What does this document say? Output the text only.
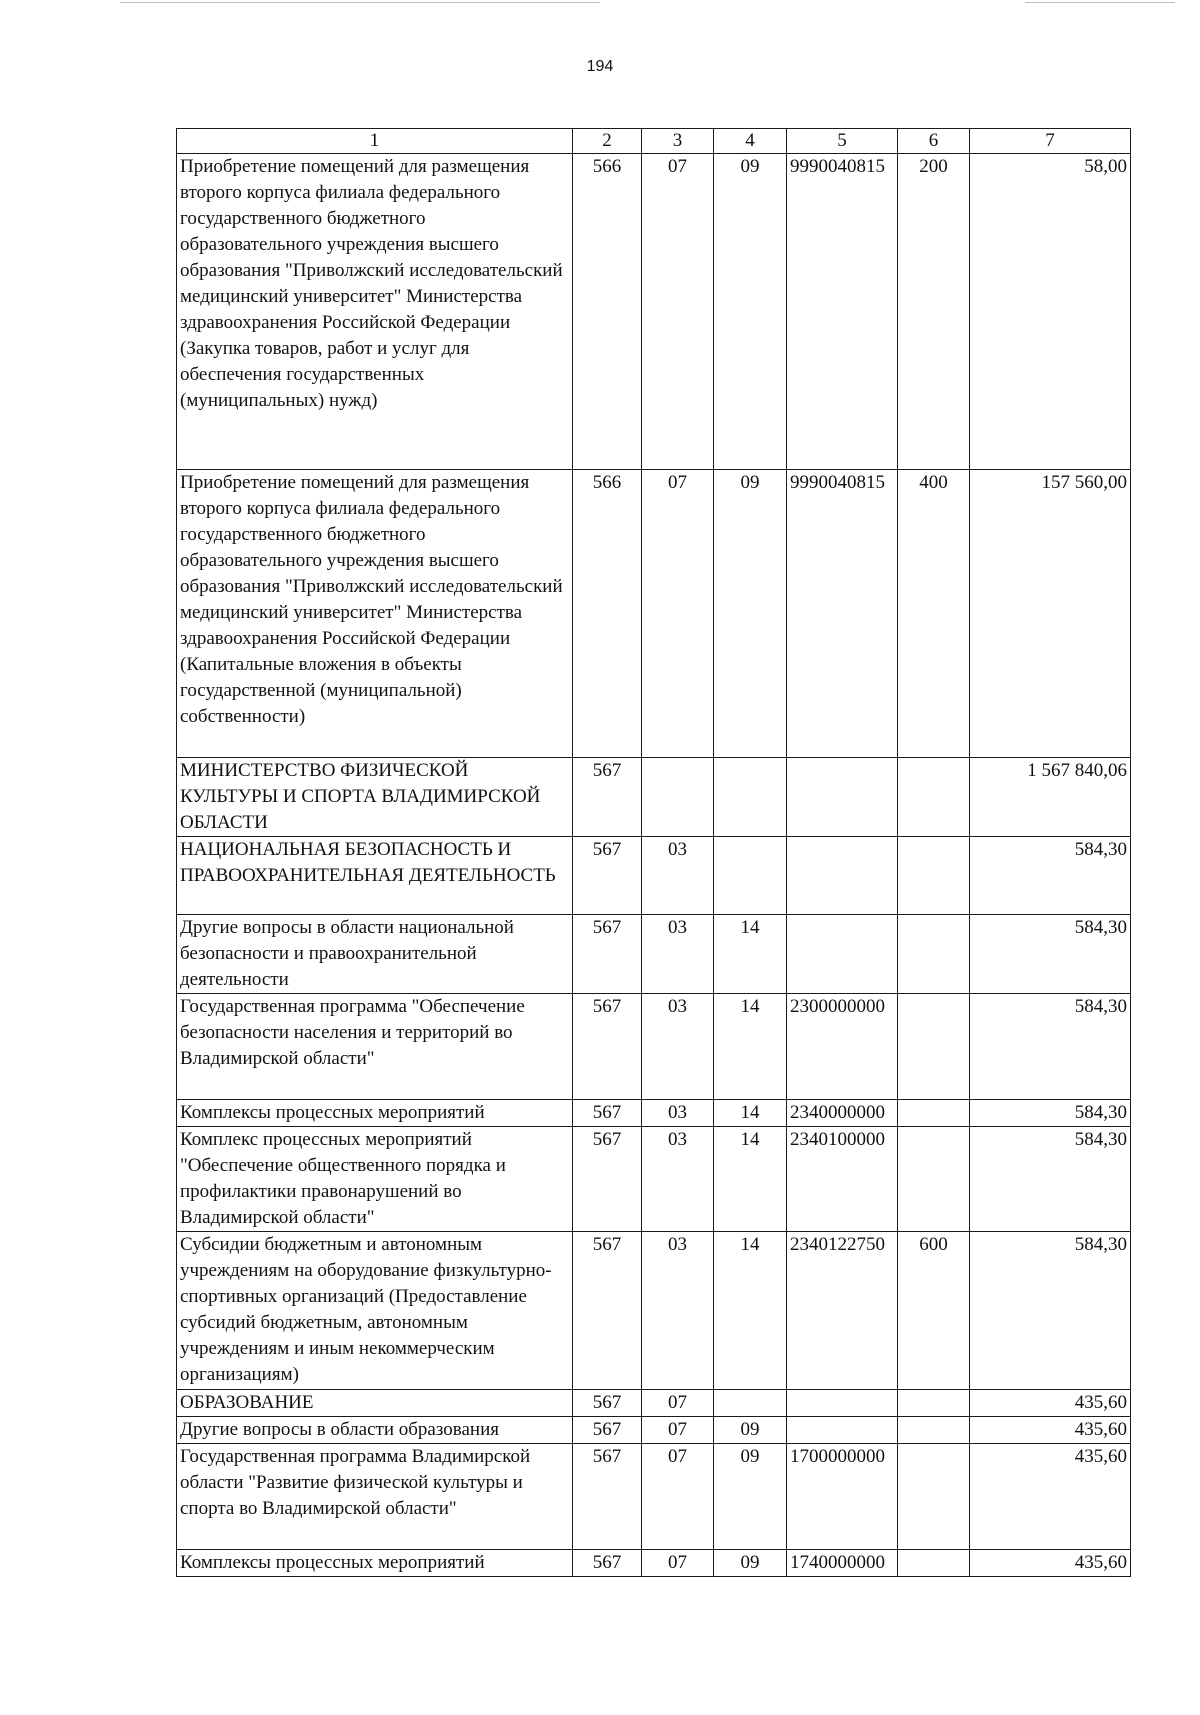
194
1	2	3	4	5	6	7
Приобретение помещений для размещения второго корпуса филиала федерального государственного бюджетного образовательного учреждения высшего образования "Приволжский исследовательский медицинский университет" Министерства здравоохранения Российской Федерации (Закупка товаров, работ и услуг для обеспечения государственных (муниципальных) нужд)	566	07	09	9990040815	200	58,00
Приобретение помещений для размещения второго корпуса филиала федерального государственного бюджетного образовательного учреждения высшего образования "Приволжский исследовательский медицинский университет" Министерства здравоохранения Российской Федерации (Капитальные вложения в объекты государственной (муниципальной) собственности)	566	07	09	9990040815	400	157 560,00
МИНИСТЕРСТВО ФИЗИЧЕСКОЙ КУЛЬТУРЫ И СПОРТА ВЛАДИМИРСКОЙ ОБЛАСТИ	567					1 567 840,06
НАЦИОНАЛЬНАЯ БЕЗОПАСНОСТЬ И ПРАВООХРАНИТЕЛЬНАЯ ДЕЯТЕЛЬНОСТЬ	567	03				584,30
Другие вопросы в области национальной безопасности и правоохранительной деятельности	567	03	14			584,30
Государственная программа "Обеспечение безопасности населения и территорий во Владимирской области"	567	03	14	2300000000		584,30
Комплексы процессных мероприятий	567	03	14	2340000000		584,30
Комплекс процессных мероприятий "Обеспечение общественного порядка и профилактики правонарушений во Владимирской области"	567	03	14	2340100000		584,30
Субсидии бюджетным и автономным учреждениям на оборудование физкультурно-спортивных организаций (Предоставление субсидий бюджетным, автономным учреждениям и иным некоммерческим организациям)	567	03	14	2340122750	600	584,30
ОБРАЗОВАНИЕ	567	07				435,60
Другие вопросы в области образования	567	07	09			435,60
Государственная программа Владимирской области "Развитие физической культуры и спорта во Владимирской области"	567	07	09	1700000000		435,60
Комплексы процессных мероприятий	567	07	09	1740000000		435,60
